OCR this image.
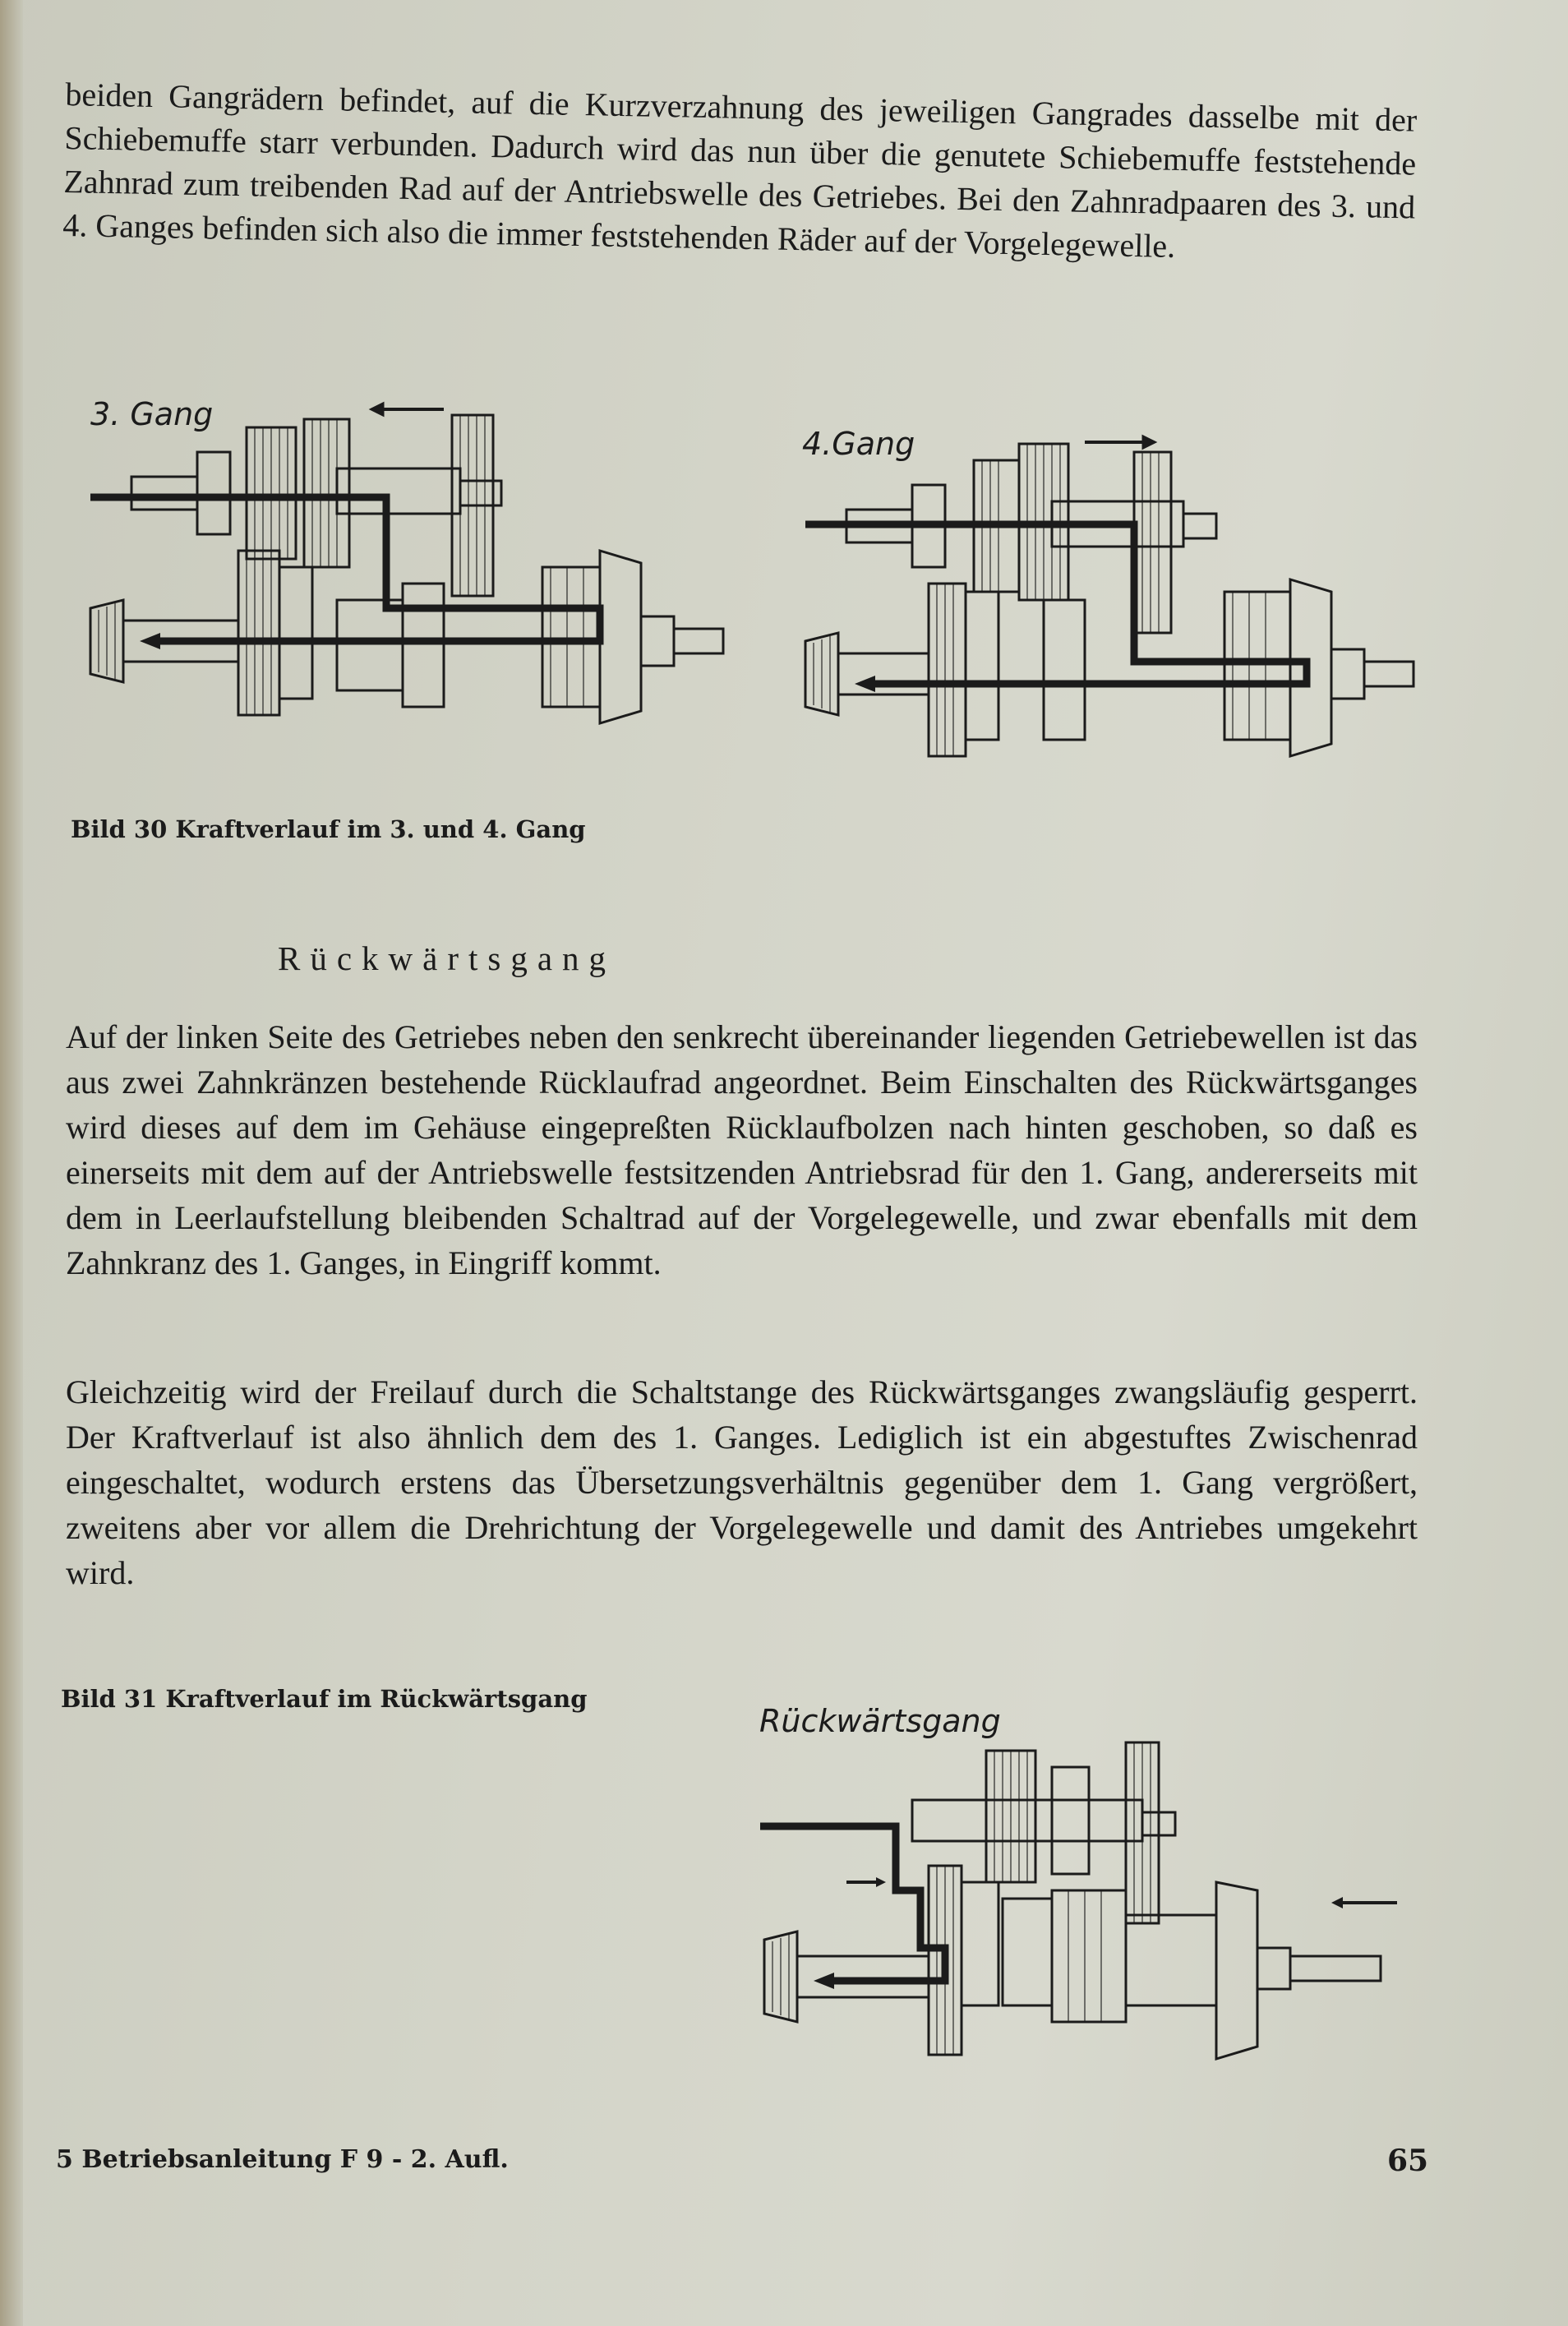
beiden Gangrädern befindet, auf die Kurzverzahnung des jeweiligen Gangrades dasselbe mit der Schiebemuffe starr verbunden. Dadurch wird das nun über die genutete Schiebemuffe feststehende Zahnrad zum treibenden Rad auf der Antriebswelle des Getriebes. Bei den Zahnradpaaren des 3. und 4. Ganges befinden sich also die immer feststehenden Räder auf der Vorgelegewelle.
3. Gang
4.Gang
Bild 30 Kraftverlauf im 3. und 4. Gang
Rückwärtsgang
Auf der linken Seite des Getriebes neben den senkrecht übereinander liegenden Getriebewellen ist das aus zwei Zahnkränzen bestehende Rücklaufrad angeordnet. Beim Einschalten des Rückwärtsganges wird dieses auf dem im Gehäuse eingepreßten Rücklaufbolzen nach hinten geschoben, so daß es einerseits mit dem auf der Antriebswelle festsitzenden Antriebsrad für den 1. Gang, andererseits mit dem in Leerlaufstellung bleibenden Schaltrad auf der Vorgelegewelle, und zwar ebenfalls mit dem Zahnkranz des 1. Ganges, in Eingriff kommt.
Gleichzeitig wird der Freilauf durch die Schaltstange des Rückwärtsganges zwangsläufig gesperrt. Der Kraftverlauf ist also ähnlich dem des 1. Ganges. Lediglich ist ein abgestuftes Zwischenrad eingeschaltet, wodurch erstens das Übersetzungsverhältnis gegenüber dem 1. Gang vergrößert, zweitens aber vor allem die Drehrichtung der Vorgelegewelle und damit des Antriebes umgekehrt wird.
Bild 31 Kraftverlauf im Rückwärtsgang
Rückwärtsgang
5 Betriebsanleitung F 9 - 2. Aufl.	65
